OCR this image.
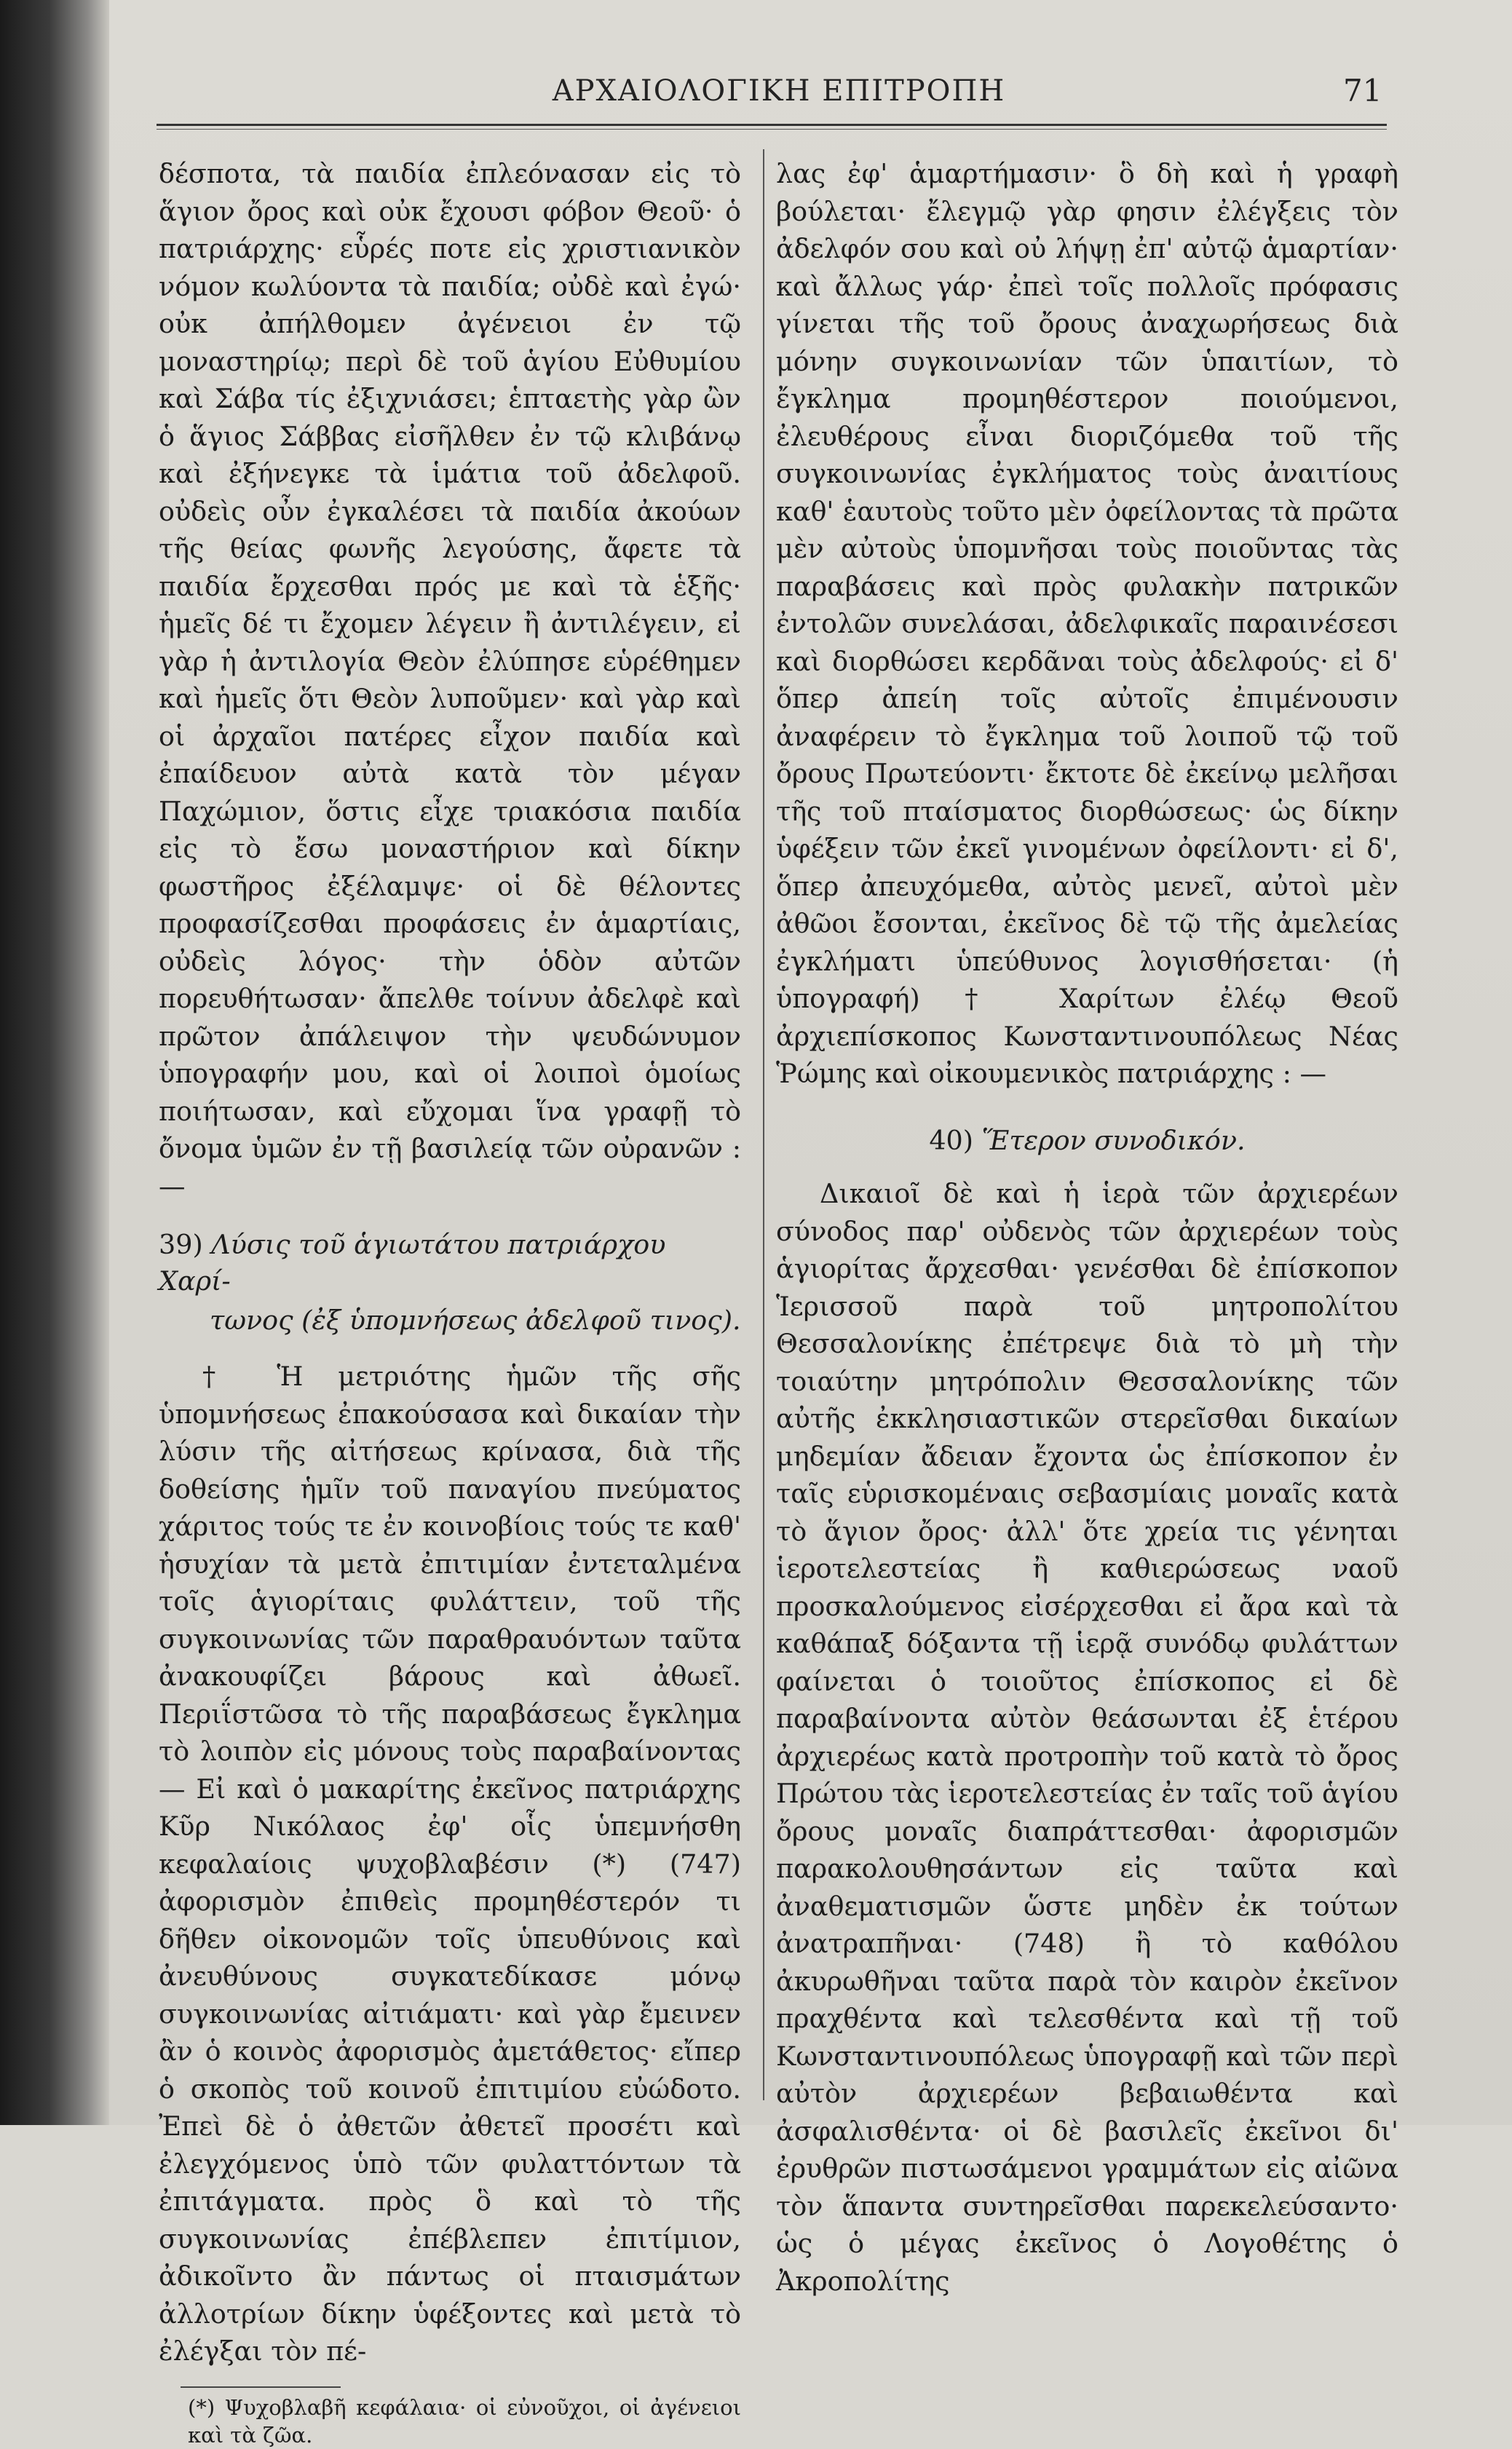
ΑΡΧΑΙΟΛΟΓΙΚΗ ΕΠΙΤΡΟΠΗ	71

δέσποτα, τὰ παιδία ἐπλεόνασαν εἰς τὸ ἅγιον ὄρος καὶ οὐκ ἔχουσι φόβον Θεοῦ· ὁ πατριάρχης· εὗρές ποτε εἰς χριστιανικὸν νόμον κωλύοντα τὰ παιδία; οὐδὲ καὶ ἐγώ· οὐκ ἀπήλθομεν ἀγένειοι ἐν τῷ μοναστηρίῳ; περὶ δὲ τοῦ ἁγίου Εὐθυμίου καὶ Σάβα τίς ἐξιχνιάσει; ἑπταετὴς γὰρ ὢν ὁ ἅγιος Σάββας εἰσῆλθεν ἐν τῷ κλιβάνῳ καὶ ἐξήνεγκε τὰ ἱμάτια τοῦ ἀδελφοῦ. οὐδεὶς οὖν ἐγκαλέσει τὰ παιδία ἀκούων τῆς θείας φωνῆς λεγούσης, ἄφετε τὰ παιδία ἔρχεσθαι πρός με καὶ τὰ ἑξῆς· ἡμεῖς δέ τι ἔχομεν λέγειν ἢ ἀντιλέγειν, εἰ γὰρ ἡ ἀντιλογία Θεὸν ἐλύπησε εὑρέθημεν καὶ ἡμεῖς ὅτι Θεὸν λυποῦμεν· καὶ γὰρ καὶ οἱ ἀρχαῖοι πατέρες εἶχον παιδία καὶ ἐπαίδευον αὐτὰ κατὰ τὸν μέγαν Παχώμιον, ὅστις εἶχε τριακόσια παιδία εἰς τὸ ἔσω μοναστήριον καὶ δίκην φωστῆρος ἐξέλαμψε· οἱ δὲ θέλοντες προφασίζεσθαι προφάσεις ἐν ἁμαρτίαις, οὐδεὶς λόγος· τὴν ὁδὸν αὐτῶν πορευθήτωσαν· ἄπελθε τοίνυν ἀδελφὲ καὶ πρῶτον ἀπάλειψον τὴν ψευδώνυμον ὑπογραφήν μου, καὶ οἱ λοιποὶ ὁμοίως ποιήτωσαν, καὶ εὔχομαι ἵνα γραφῇ τὸ ὄνομα ὑμῶν ἐν τῇ βασιλείᾳ τῶν οὐρανῶν : —

39) Λύσις τοῦ ἁγιωτάτου πατριάρχου Χαρί-
τωνος (ἐξ ὑπομνήσεως ἀδελφοῦ τινος).

† Ἡ μετριότης ἡμῶν τῆς σῆς ὑπομνήσεως ἐπακούσασα καὶ δικαίαν τὴν λύσιν τῆς αἰτήσεως κρίνασα, διὰ τῆς δοθείσης ἡμῖν τοῦ παναγίου πνεύματος χάριτος τούς τε ἐν κοινοβίοις τούς τε καθ' ἡσυχίαν τὰ μετὰ ἐπιτιμίαν ἐντεταλμένα τοῖς ἁγιορίταις φυλάττειν, τοῦ τῆς συγκοινωνίας τῶν παραθραυόντων ταῦτα ἀνακουφίζει βάρους καὶ ἀθωεῖ. Περιΐστῶσα τὸ τῆς παραβάσεως ἔγκλημα τὸ λοιπὸν εἰς μόνους τοὺς παραβαίνοντας — Εἰ καὶ ὁ μακαρίτης ἐκεῖνος πατριάρχης Κῦρ Νικόλαος ἐφ' οἷς ὑπεμνήσθη κεφαλαίοις ψυχοβλαβέσιν (*) (747) ἀφορισμὸν ἐπιθεὶς προμηθέστερόν τι δῆθεν οἰκονομῶν τοῖς ὑπευθύνοις καὶ ἀνευθύνους συγκατεδίκασε μόνῳ συγκοινωνίας αἰτιάματι· καὶ γὰρ ἔμεινεν ἂν ὁ κοινὸς ἀφορισμὸς ἀμετάθετος· εἴπερ ὁ σκοπὸς τοῦ κοινοῦ ἐπιτιμίου εὐώδοτο. Ἐπεὶ δὲ ὁ ἀθετῶν ἀθετεῖ προσέτι καὶ ἐλεγχόμενος ὑπὸ τῶν φυλαττόντων τὰ ἐπιτάγματα. πρὸς ὃ καὶ τὸ τῆς συγκοινωνίας ἐπέβλεπεν ἐπιτίμιον, ἀδικοῖντο ἂν πάντως οἱ πταισμάτων ἀλλοτρίων δίκην ὑφέξοντες καὶ μετὰ τὸ ἐλέγξαι τὸν πέ-

(*) Ψυχοβλαβῆ κεφάλαια· οἱ εὐνοῦχοι, οἱ ἀγένειοι καὶ τὰ ζῶα.

λας ἐφ' ἁμαρτήμασιν· ὃ δὴ καὶ ἡ γραφὴ βούλεται· ἔλεγμῷ γὰρ φησιν ἐλέγξεις τὸν ἀδελφόν σου καὶ οὐ λήψῃ ἐπ' αὐτῷ ἁμαρτίαν· καὶ ἄλλως γάρ· ἐπεὶ τοῖς πολλοῖς πρόφασις γίνεται τῆς τοῦ ὄρους ἀναχωρήσεως διὰ μόνην συγκοινωνίαν τῶν ὑπαιτίων, τὸ ἔγκλημα προμηθέστερον ποιούμενοι, ἐλευθέρους εἶναι διοριζόμεθα τοῦ τῆς συγκοινωνίας ἐγκλήματος τοὺς ἀναιτίους καθ' ἑαυτοὺς τοῦτο μὲν ὀφείλοντας τὰ πρῶτα μὲν αὐτοὺς ὑπομνῆσαι τοὺς ποιοῦντας τὰς παραβάσεις καὶ πρὸς φυλακὴν πατρικῶν ἐντολῶν συνελάσαι, ἀδελφικαῖς παραινέσεσι καὶ διορθώσει κερδᾶναι τοὺς ἀδελφούς· εἰ δ' ὅπερ ἀπείη τοῖς αὐτοῖς ἐπιμένουσιν ἀναφέρειν τὸ ἔγκλημα τοῦ λοιποῦ τῷ τοῦ ὄρους Πρωτεύοντι· ἔκτοτε δὲ ἐκείνῳ μελῆσαι τῆς τοῦ πταίσματος διορθώσεως· ὡς δίκην ὑφέξειν τῶν ἐκεῖ γινομένων ὀφείλοντι· εἰ δ', ὅπερ ἀπευχόμεθα, αὐτὸς μενεῖ, αὐτοὶ μὲν ἀθῶοι ἔσονται, ἐκεῖνος δὲ τῷ τῆς ἀμελείας ἐγκλήματι ὑπεύθυνος λογισθήσεται· (ἡ ὑπογραφή) † Χαρίτων ἐλέῳ Θεοῦ ἀρχιεπίσκοπος Κωνσταντινουπόλεως Νέας Ῥώμης καὶ οἰκουμενικὸς πατριάρχης : —

40) Ἕτερον συνοδικόν.

Δικαιοῖ δὲ καὶ ἡ ἱερὰ τῶν ἀρχιερέων σύνοδος παρ' οὐδενὸς τῶν ἀρχιερέων τοὺς ἁγιορίτας ἄρχεσθαι· γενέσθαι δὲ ἐπίσκοπον Ἱερισσοῦ παρὰ τοῦ μητροπολίτου Θεσσαλονίκης ἐπέτρεψε διὰ τὸ μὴ τὴν τοιαύτην μητρόπολιν Θεσσαλονίκης τῶν αὐτῆς ἐκκλησιαστικῶν στερεῖσθαι δικαίων μηδεμίαν ἄδειαν ἔχοντα ὡς ἐπίσκοπον ἐν ταῖς εὑρισκομέναις σεβασμίαις μοναῖς κατὰ τὸ ἅγιον ὄρος· ἀλλ' ὅτε χρεία τις γένηται ἱεροτελεστείας ἢ καθιερώσεως ναοῦ προσκαλούμενος εἰσέρχεσθαι εἰ ἄρα καὶ τὰ καθάπαξ δόξαντα τῇ ἱερᾷ συνόδῳ φυλάττων φαίνεται ὁ τοιοῦτος ἐπίσκοπος εἰ δὲ παραβαίνοντα αὐτὸν θεάσωνται ἐξ ἑτέρου ἀρχιερέως κατὰ προτροπὴν τοῦ κατὰ τὸ ὄρος Πρώτου τὰς ἱεροτελεστείας ἐν ταῖς τοῦ ἁγίου ὄρους μοναῖς διαπράττεσθαι· ἀφορισμῶν παρακολουθησάντων εἰς ταῦτα καὶ ἀναθεματισμῶν ὥστε μηδὲν ἐκ τούτων ἀνατραπῆναι· (748) ἢ τὸ καθόλου ἀκυρωθῆναι ταῦτα παρὰ τὸν καιρὸν ἐκεῖνον πραχθέντα καὶ τελεσθέντα καὶ τῇ τοῦ Κωνσταντινουπόλεως ὑπογραφῇ καὶ τῶν περὶ αὐτὸν ἀρχιερέων βεβαιωθέντα καὶ ἀσφαλισθέντα· οἱ δὲ βασιλεῖς ἐκεῖνοι δι' ἐρυθρῶν πιστωσάμενοι γραμμάτων εἰς αἰῶνα τὸν ἅπαντα συντηρεῖσθαι παρεκελεύσαντο· ὡς ὁ μέγας ἐκεῖνος ὁ Λογοθέτης ὁ Ἀκροπολίτης
